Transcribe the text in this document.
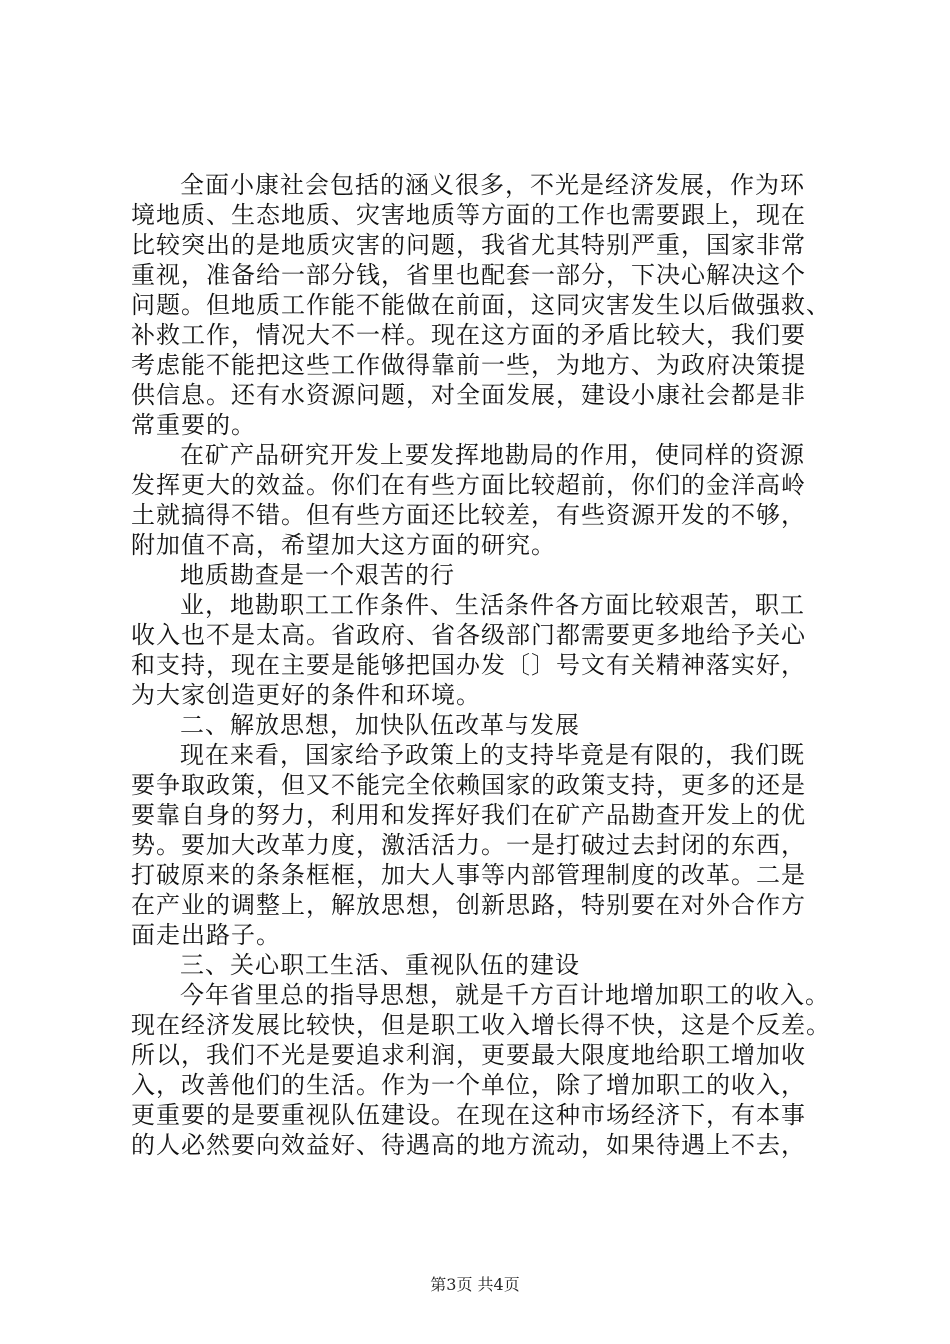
全面小康社会包括的涵义很多，不光是经济发展，作为环
境地质、生态地质、灾害地质等方面的工作也需要跟上，现在
比较突出的是地质灾害的问题，我省尤其特别严重，国家非常
重视，准备给一部分钱，省里也配套一部分，下决心解决这个
问题。但地质工作能不能做在前面，这同灾害发生以后做强救、
补救工作，情况大不一样。现在这方面的矛盾比较大，我们要
考虑能不能把这些工作做得靠前一些，为地方、为政府决策提
供信息。还有水资源问题，对全面发展，建设小康社会都是非
常重要的。
在矿产品研究开发上要发挥地勘局的作用，使同样的资源
发挥更大的效益。你们在有些方面比较超前，你们的金洋高岭
土就搞得不错。但有些方面还比较差，有些资源开发的不够，
附加值不高，希望加大这方面的研究。
地质勘查是一个艰苦的行
业，地勘职工工作条件、生活条件各方面比较艰苦，职工
收入也不是太高。省政府、省各级部门都需要更多地给予关心
和支持，现在主要是能够把国办发〔〕号文有关精神落实好，
为大家创造更好的条件和环境。
二、解放思想，加快队伍改革与发展
现在来看，国家给予政策上的支持毕竟是有限的，我们既
要争取政策，但又不能完全依赖国家的政策支持，更多的还是
要靠自身的努力，利用和发挥好我们在矿产品勘查开发上的优
势。要加大改革力度，激活活力。一是打破过去封闭的东西，
打破原来的条条框框，加大人事等内部管理制度的改革。二是
在产业的调整上，解放思想，创新思路，特别要在对外合作方
面走出路子。
三、关心职工生活、重视队伍的建设
今年省里总的指导思想，就是千方百计地增加职工的收入。
现在经济发展比较快，但是职工收入增长得不快，这是个反差。
所以，我们不光是要追求利润，更要最大限度地给职工增加收
入，改善他们的生活。作为一个单位，除了增加职工的收入，
更重要的是要重视队伍建设。在现在这种市场经济下，有本事
的人必然要向效益好、待遇高的地方流动，如果待遇上不去，
第3页 共4页
